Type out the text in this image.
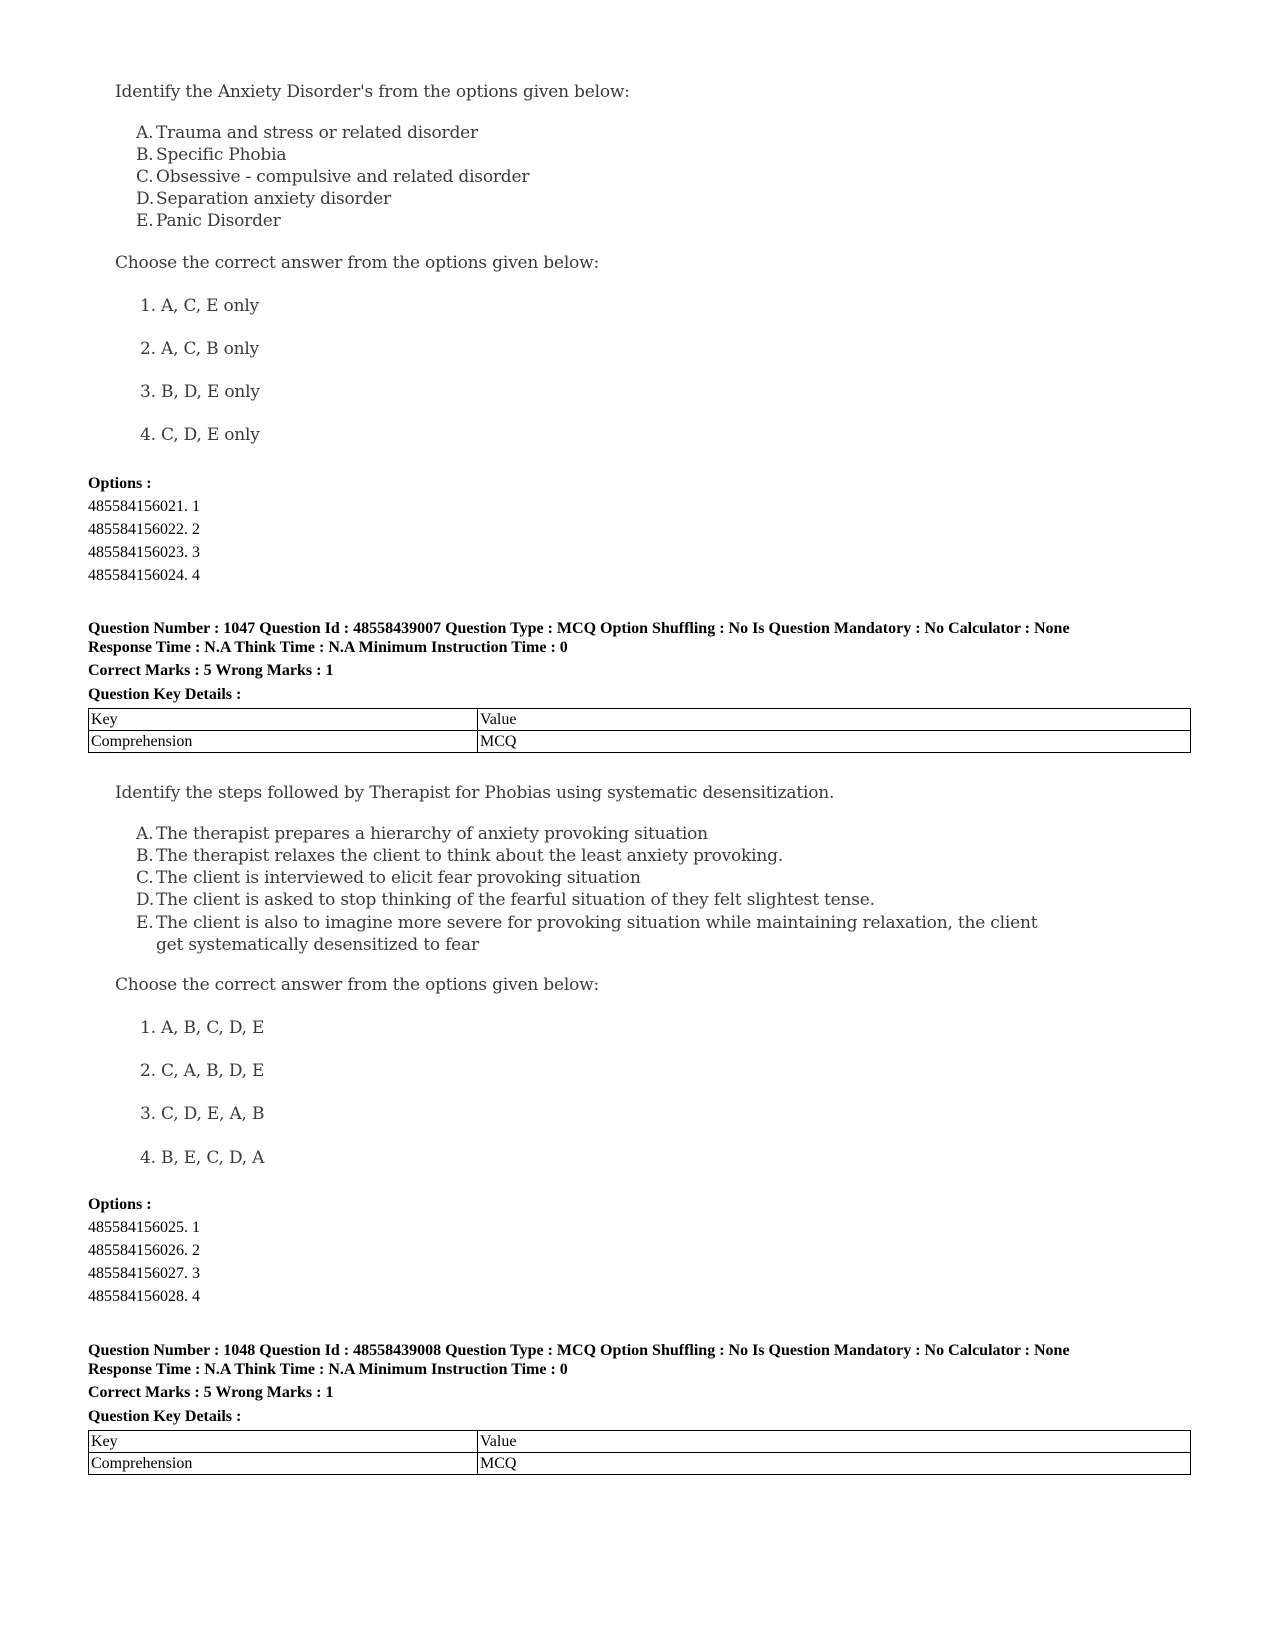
Identify the Anxiety Disorder's from the options given below:
A. Trauma and stress or related disorder
B. Specific Phobia
C. Obsessive - compulsive and related disorder
D. Separation anxiety disorder
E. Panic Disorder
Choose the correct answer from the options given below:
1. A, C, E only
2. A, C, B only
3. B, D, E only
4. C, D, E only
Options :
485584156021. 1
485584156022. 2
485584156023. 3
485584156024. 4
Question Number : 1047 Question Id : 48558439007 Question Type : MCQ Option Shuffling : No Is Question Mandatory : No Calculator : None
Response Time : N.A Think Time : N.A Minimum Instruction Time : 0
Correct Marks : 5 Wrong Marks : 1
Question Key Details :
Key	Value
Comprehension	MCQ
Identify the steps followed by Therapist for Phobias using systematic desensitization.
A. The therapist prepares a hierarchy of anxiety provoking situation
B. The therapist relaxes the client to think about the least anxiety provoking.
C. The client is interviewed to elicit fear provoking situation
D. The client is asked to stop thinking of the fearful situation of they felt slightest tense.
E. The client is also to imagine more severe for provoking situation while maintaining relaxation, the client
get systematically desensitized to fear
Choose the correct answer from the options given below:
1. A, B, C, D, E
2. C, A, B, D, E
3. C, D, E, A, B
4. B, E, C, D, A
Options :
485584156025. 1
485584156026. 2
485584156027. 3
485584156028. 4
Question Number : 1048 Question Id : 48558439008 Question Type : MCQ Option Shuffling : No Is Question Mandatory : No Calculator : None
Response Time : N.A Think Time : N.A Minimum Instruction Time : 0
Correct Marks : 5 Wrong Marks : 1
Question Key Details :
Key	Value
Comprehension	MCQ
